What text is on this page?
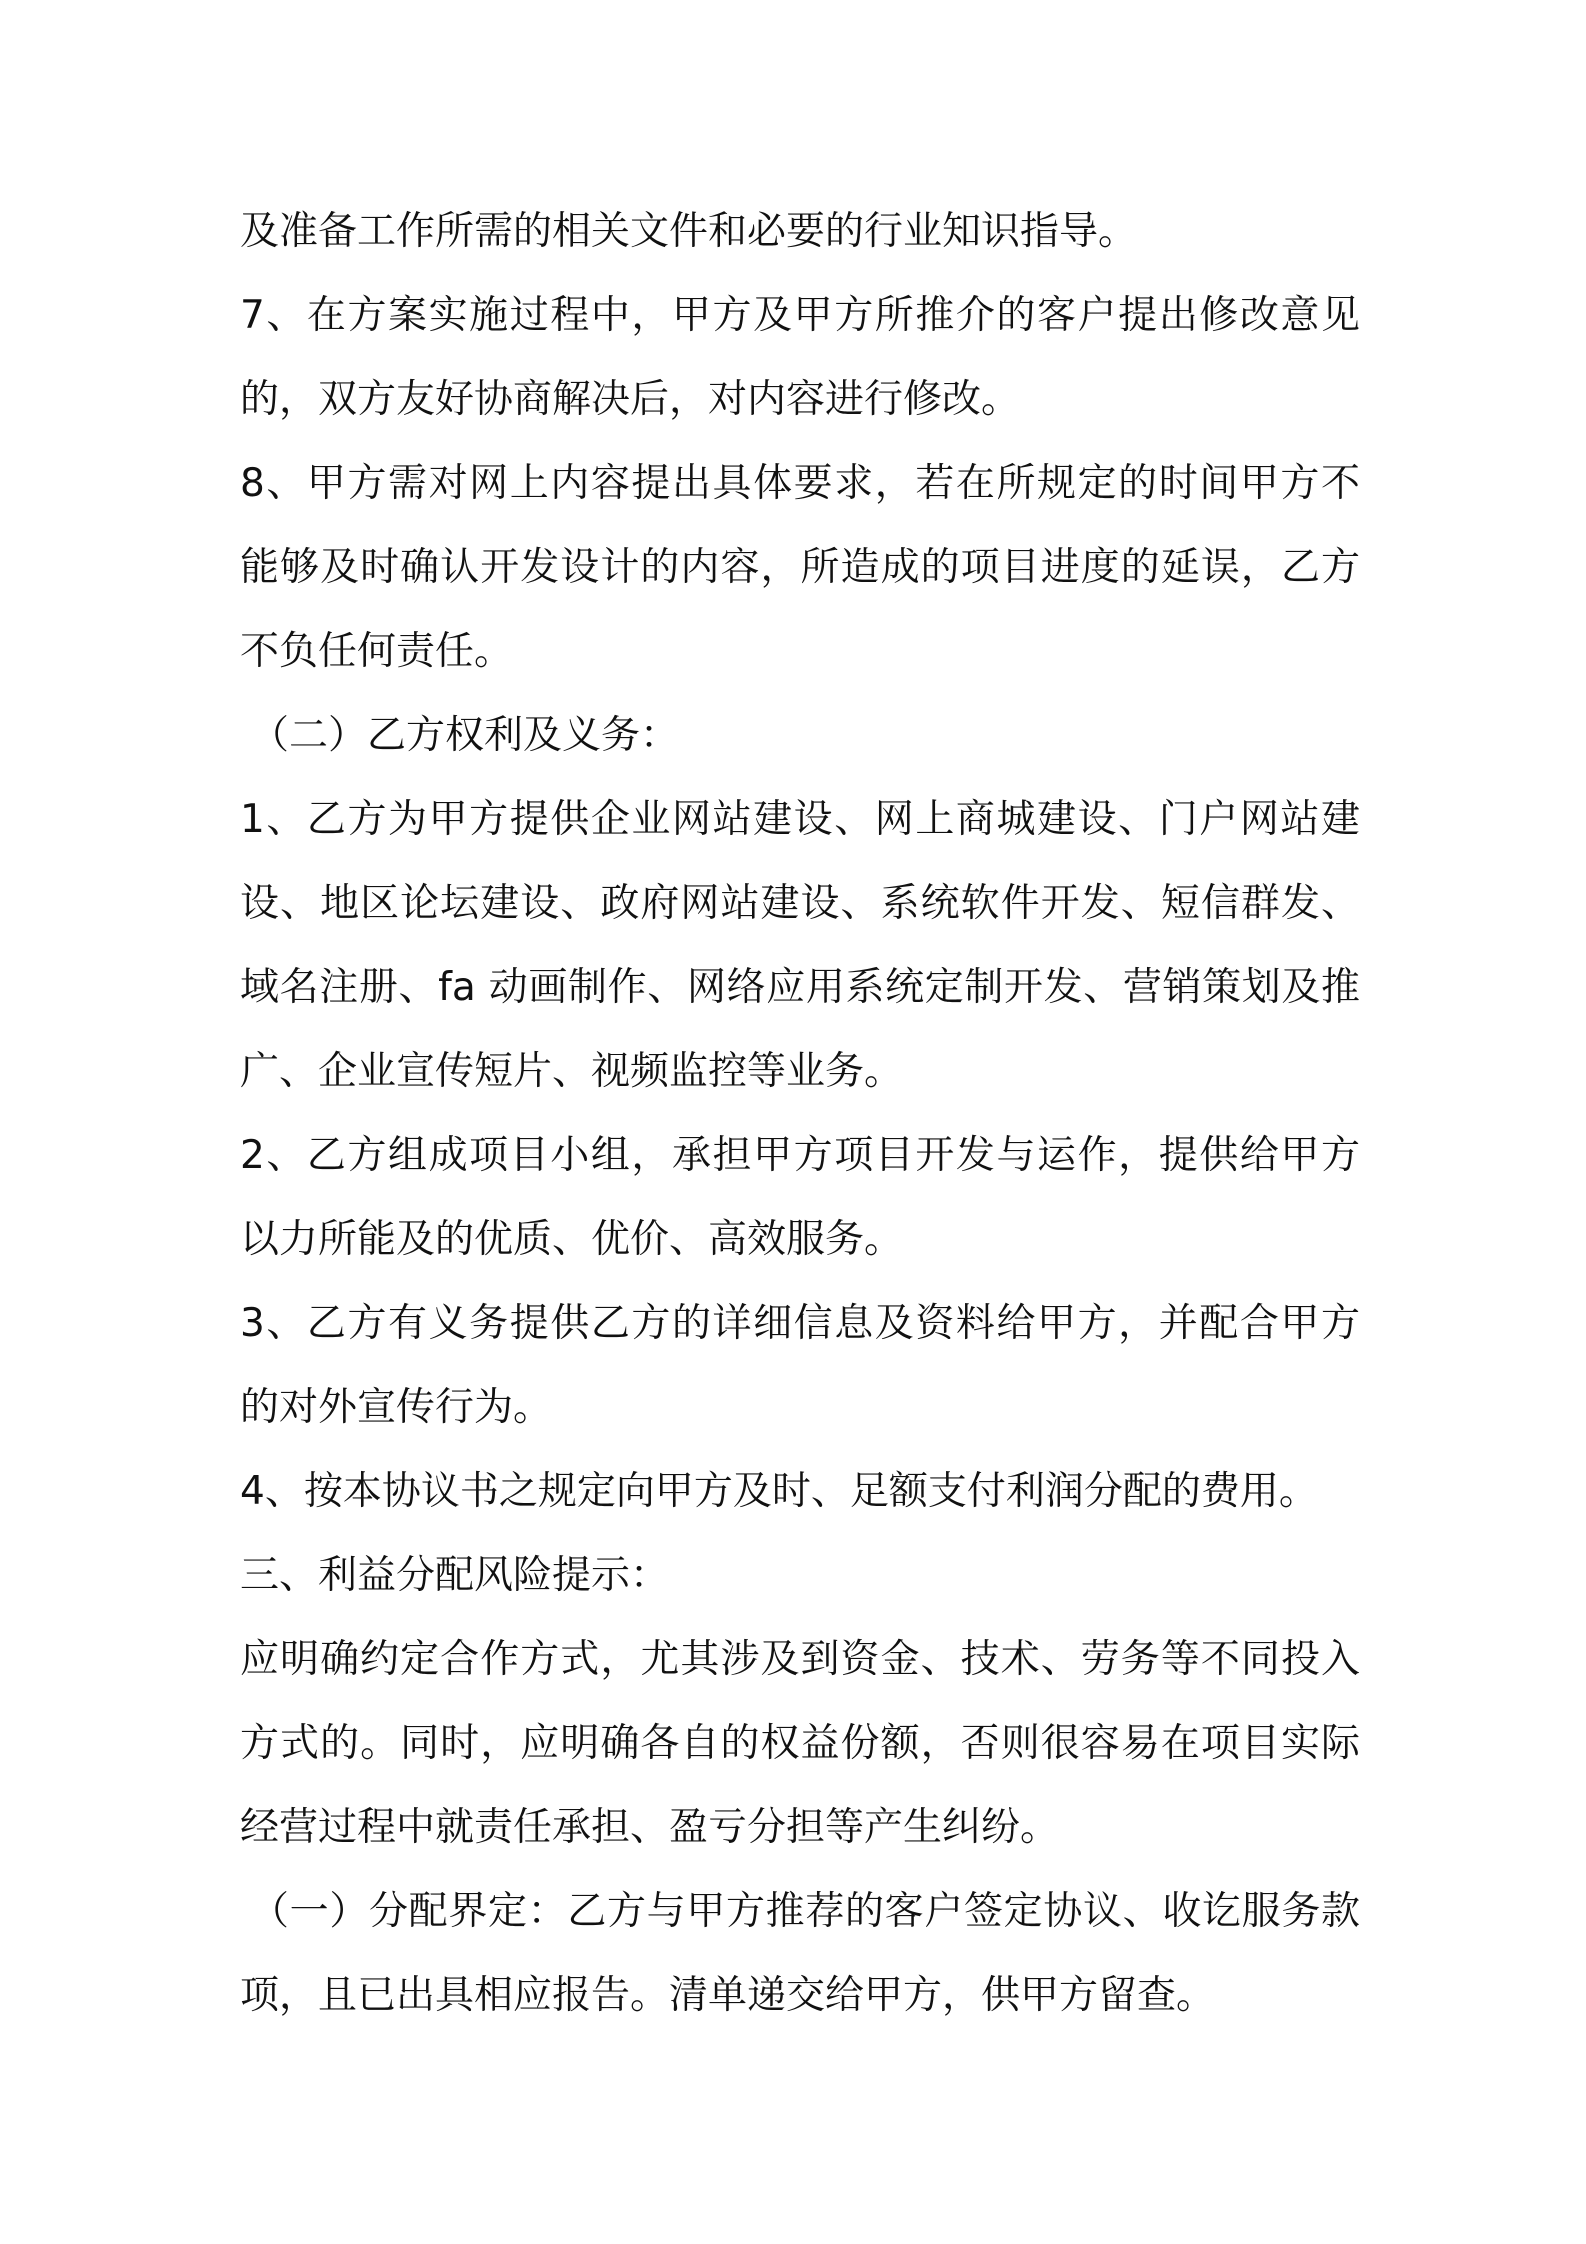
及准备工作所需的相关文件和必要的行业知识指导。

7、在方案实施过程中，甲方及甲方所推介的客户提出修改意见

的，双方友好协商解决后，对内容进行修改。

8、甲方需对网上内容提出具体要求，若在所规定的时间甲方不

能够及时确认开发设计的内容，所造成的项目进度的延误，乙方

不负任何责任。

（二）乙方权利及义务：

1、乙方为甲方提供企业网站建设、网上商城建设、门户网站建

设、地区论坛建设、政府网站建设、系统软件开发、短信群发、

域名注册、fa 动画制作、网络应用系统定制开发、营销策划及推

广、企业宣传短片、视频监控等业务。

2、乙方组成项目小组，承担甲方项目开发与运作，提供给甲方

以力所能及的优质、优价、高效服务。

3、乙方有义务提供乙方的详细信息及资料给甲方，并配合甲方

的对外宣传行为。

4、按本协议书之规定向甲方及时、足额支付利润分配的费用。

三、利益分配风险提示：

应明确约定合作方式，尤其涉及到资金、技术、劳务等不同投入

方式的。同时，应明确各自的权益份额，否则很容易在项目实际

经营过程中就责任承担、盈亏分担等产生纠纷。

（一）分配界定：乙方与甲方推荐的客户签定协议、收讫服务款

项，且已出具相应报告。清单递交给甲方，供甲方留查。
